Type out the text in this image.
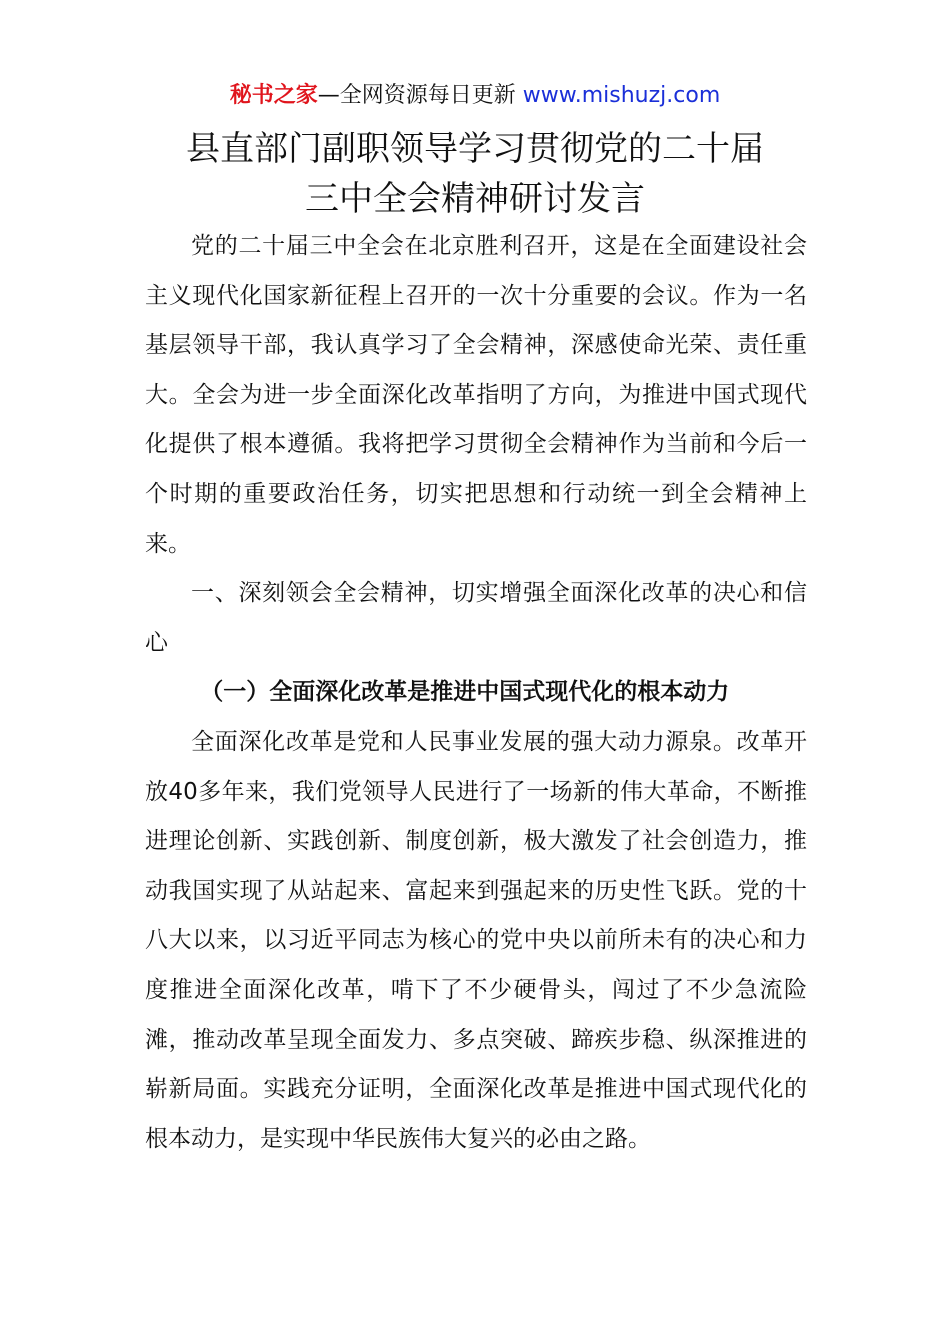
秘书之家—全网资源每日更新 www.mishuzj.com
县直部门副职领导学习贯彻党的二十届
三中全会精神研讨发言

党的二十届三中全会在北京胜利召开，这是在全面建设社会主义现代化国家新征程上召开的一次十分重要的会议。作为一名基层领导干部，我认真学习了全会精神，深感使命光荣、责任重大。全会为进一步全面深化改革指明了方向，为推进中国式现代化提供了根本遵循。我将把学习贯彻全会精神作为当前和今后一个时期的重要政治任务，切实把思想和行动统一到全会精神上来。

一、深刻领会全会精神，切实增强全面深化改革的决心和信心

（一）全面深化改革是推进中国式现代化的根本动力

全面深化改革是党和人民事业发展的强大动力源泉。改革开放40多年来，我们党领导人民进行了一场新的伟大革命，不断推进理论创新、实践创新、制度创新，极大激发了社会创造力，推动我国实现了从站起来、富起来到强起来的历史性飞跃。党的十八大以来，以习近平同志为核心的党中央以前所未有的决心和力度推进全面深化改革，啃下了不少硬骨头，闯过了不少急流险滩，推动改革呈现全面发力、多点突破、蹄疾步稳、纵深推进的崭新局面。实践充分证明，全面深化改革是推进中国式现代化的根本动力，是实现中华民族伟大复兴的必由之路。
